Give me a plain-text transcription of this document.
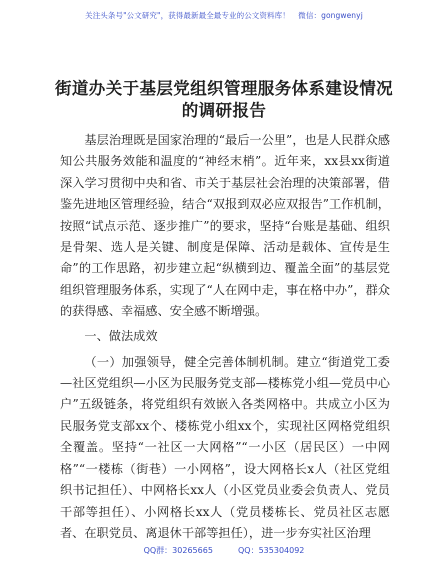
关注头条号"公文研究"，获得最新最全最专业的公文资料库！ 微信：gongwenyj
街道办关于基层党组织管理服务体系建设情况
的调研报告

基层治理既是国家治理的“最后一公里”，也是人民群众感知公共服务效能和温度的“神经末梢”。近年来，xx县xx街道深入学习贯彻中央和省、市关于基层社会治理的决策部署，借鉴先进地区管理经验，结合“双报到双必应双报告”工作机制，按照“试点示范、逐步推广”的要求，坚持“台账是基础、组织是骨架、选人是关键、制度是保障、活动是载体、宣传是生命”的工作思路，初步建立起“纵横到边、覆盖全面”的基层党组织管理服务体系，实现了“人在网中走，事在格中办”，群众的获得感、幸福感、安全感不断增强。

一、做法成效

（一）加强领导，健全完善体制机制。建立“街道党工委—社区党组织—小区为民服务党支部—楼栋党小组—党员中心户”五级链条，将党组织有效嵌入各类网格中。共成立小区为民服务党支部xx个、楼栋党小组xx个，实现社区网格党组织全覆盖。坚持“一社区一大网格”“一小区（居民区）一中网格”“一楼栋（街巷）一小网格”，设大网格长x人（社区党组织书记担任）、中网格长xx人（小区党员业委会负责人、党员干部等担任）、小网格长xx人（党员楼栋长、党员社区志愿者、在职党员、离退休干部等担任），进一步夯实社区治理

QQ群：30265665	QQ：535304092
